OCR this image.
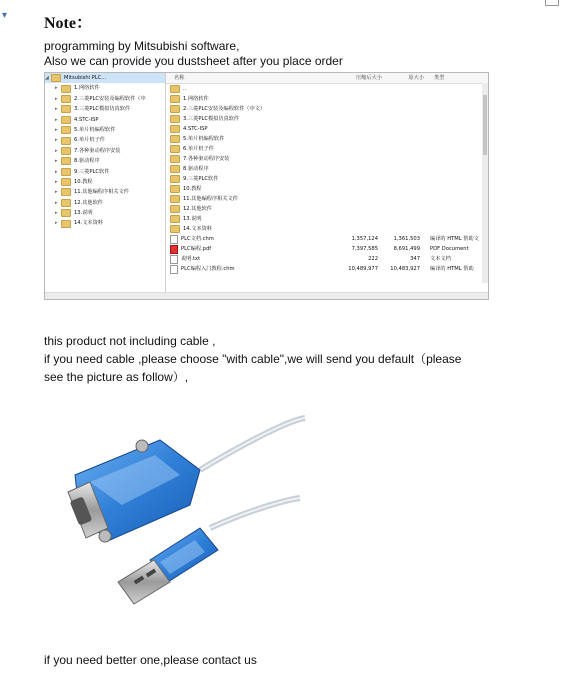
▾ Note：
programming by Mitsubishi software,
Also we can provide you dustsheet after you place order
◢	Mitsubishi PLC...
▸	1.网络软件
▸	2.三菱PLC安装及编程软件（中
▸	3.三菱PLC模拟仿真软件
▸	4.STC-ISP
▸	5.单片机编程软件
▸	6.单片机子件
▸	7.各种驱动程序安装
▸	8.驱动程序
▸	9.三菱PLC软件
▸	10.教程
▸	11.其他编程序相关文件
▸	12.其他软件
▸	13.说明
▸	14.文本资料
名称	压缩后大小	原大小	类型
..
1.网络软件
2.三菱PLC安装及编程软件（中文）
3.三菱PLC模拟仿真软件
4.STC-ISP
5.单片机编程软件
6.单片机子件
7.各种驱动程序安装
8.驱动程序
9.三菱PLC软件
10.教程
11.其他编程序相关文件
12.其他软件
13.说明
14.文本资料
PLC文档.chm	1,357,124	1,361,503	编译的 HTML 帮助文
PLC编程.pdf	7,397,585	8,691,499	PDF Document
说明.txt	222	347	文本文档
PLC编程入门教程.chm	10,489,977	10,483,927	编译的 HTML 帮助
this product not including cable ,
if you need cable ,please choose "with cable",we will send you default（please
see the picture as follow）,
if you need better one,please contact us
